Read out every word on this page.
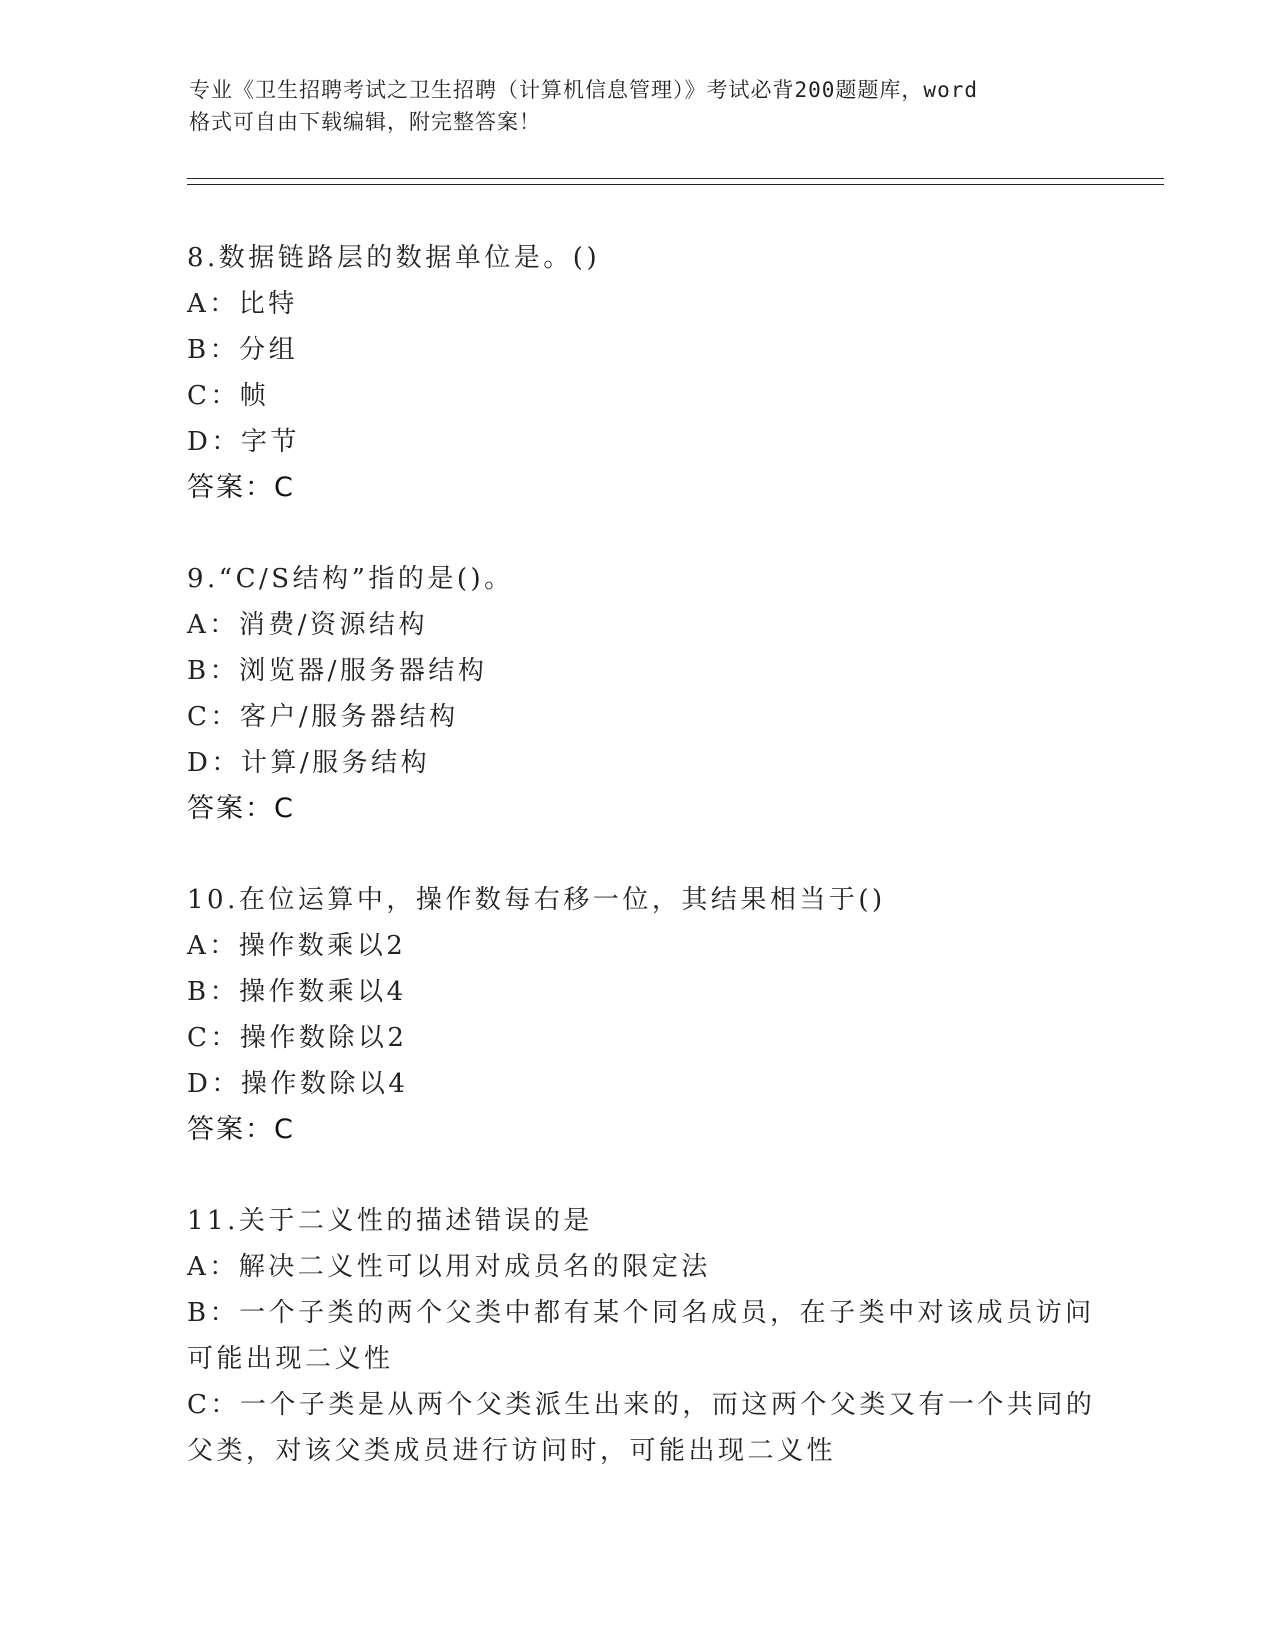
专业《卫生招聘考试之卫生招聘（计算机信息管理）》考试必背200题题库，word
格式可自由下载编辑，附完整答案！
8.数据链路层的数据单位是。()
A：比特
B：分组
C：帧
D：字节
答案：C
9.“C/S结构”指的是()。
A：消费/资源结构
B：浏览器/服务器结构
C：客户/服务器结构
D：计算/服务结构
答案：C
10.在位运算中，操作数每右移一位，其结果相当于()
A：操作数乘以2
B：操作数乘以4
C：操作数除以2
D：操作数除以4
答案：C
11.关于二义性的描述错误的是
A：解决二义性可以用对成员名的限定法
B：一个子类的两个父类中都有某个同名成员，在子类中对该成员访问
可能出现二义性
C：一个子类是从两个父类派生出来的，而这两个父类又有一个共同的
父类，对该父类成员进行访问时，可能出现二义性
